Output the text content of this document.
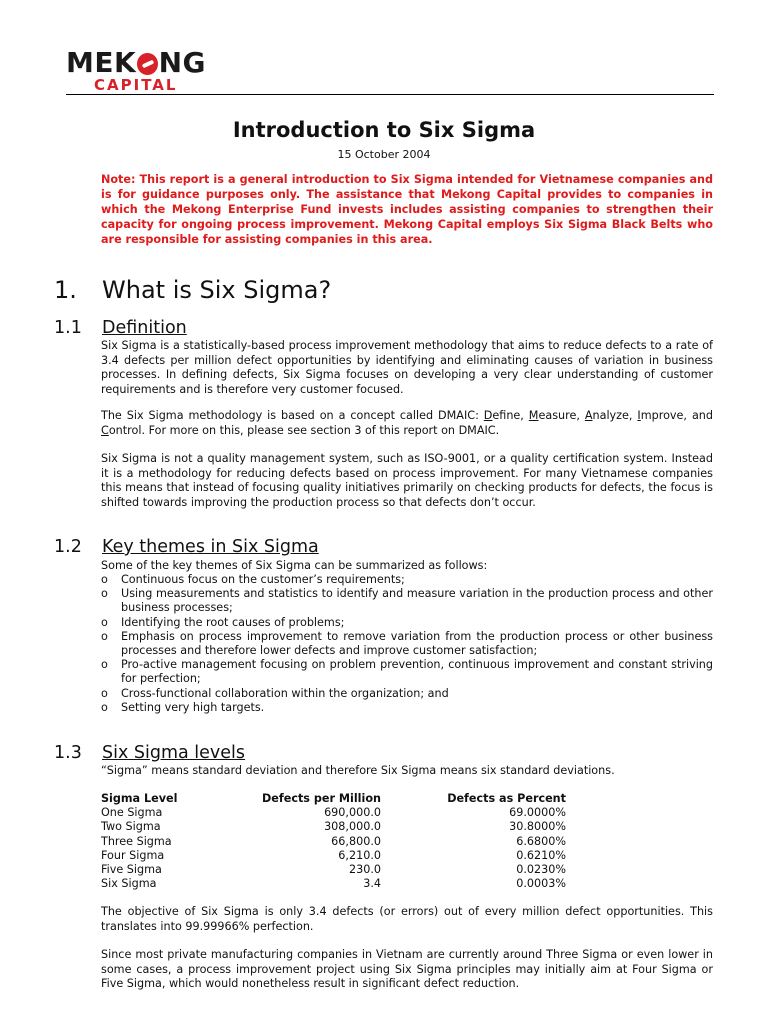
MEK NG
CAPITAL
Introduction to Six Sigma
15 October 2004
Note: This report is a general introduction to Six Sigma intended for Vietnamese companies and is for guidance purposes only. The assistance that Mekong Capital provides to companies in which the Mekong Enterprise Fund invests includes assisting companies to strengthen their capacity for ongoing process improvement. Mekong Capital employs Six Sigma Black Belts who are responsible for assisting companies in this area.
1. What is Six Sigma?
1.1 Definition
Six Sigma is a statistically-based process improvement methodology that aims to reduce defects to a rate of 3.4 defects per million defect opportunities by identifying and eliminating causes of variation in business processes. In defining defects, Six Sigma focuses on developing a very clear understanding of customer requirements and is therefore very customer focused.
The Six Sigma methodology is based on a concept called DMAIC: Define, Measure, Analyze, Improve, and Control. For more on this, please see section 3 of this report on DMAIC.
Six Sigma is not a quality management system, such as ISO-9001, or a quality certification system. Instead it is a methodology for reducing defects based on process improvement. For many Vietnamese companies this means that instead of focusing quality initiatives primarily on checking products for defects, the focus is shifted towards improving the production process so that defects don’t occur.
1.2 Key themes in Six Sigma
Some of the key themes of Six Sigma can be summarized as follows:
o Continuous focus on the customer’s requirements;
o Using measurements and statistics to identify and measure variation in the production process and other business processes;
o Identifying the root causes of problems;
o Emphasis on process improvement to remove variation from the production process or other business processes and therefore lower defects and improve customer satisfaction;
o Pro-active management focusing on problem prevention, continuous improvement and constant striving for perfection;
o Cross-functional collaboration within the organization; and
o Setting very high targets.
1.3 Six Sigma levels
“Sigma” means standard deviation and therefore Six Sigma means six standard deviations.
Sigma Level	Defects per Million	Defects as Percent
One Sigma	690,000.0	69.0000%
Two Sigma	308,000.0	30.8000%
Three Sigma	66,800.0	6.6800%
Four Sigma	6,210.0	0.6210%
Five Sigma	230.0	0.0230%
Six Sigma	3.4	0.0003%
The objective of Six Sigma is only 3.4 defects (or errors) out of every million defect opportunities. This translates into 99.99966% perfection.
Since most private manufacturing companies in Vietnam are currently around Three Sigma or even lower in some cases, a process improvement project using Six Sigma principles may initially aim at Four Sigma or Five Sigma, which would nonetheless result in significant defect reduction.
